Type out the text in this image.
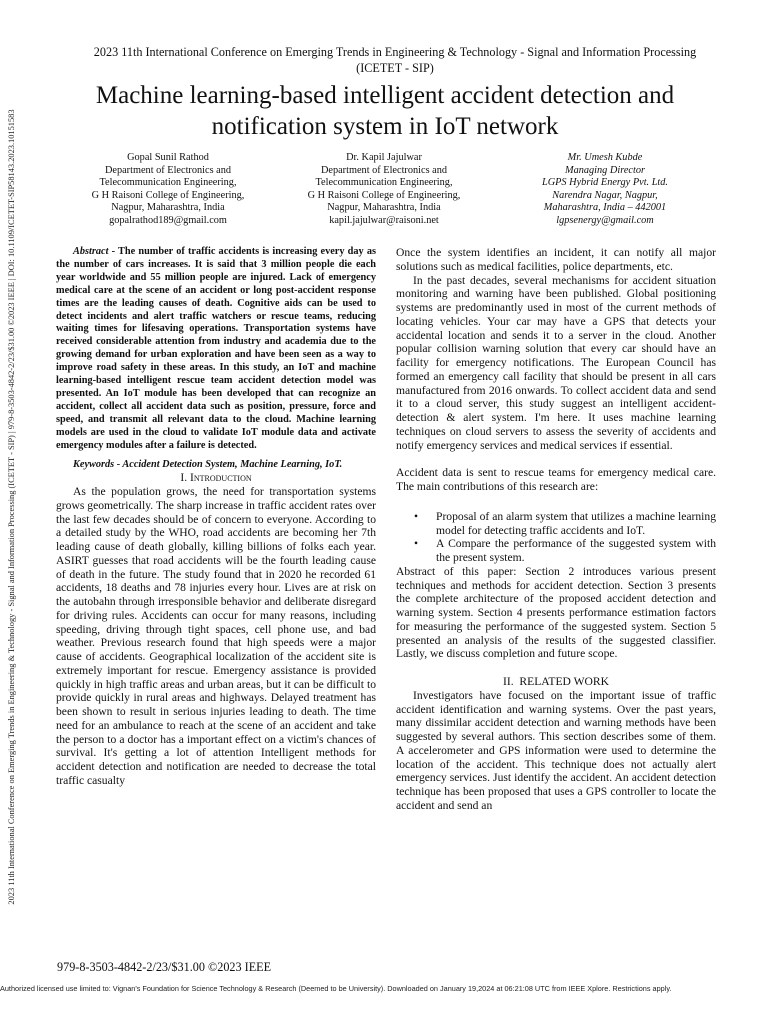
2023 11th International Conference on Emerging Trends in Engineering & Technology - Signal and Information Processing (ICETET - SIP) | 979-8-3503-4842-2/23/$31.00 ©2023 IEEE | DOI: 10.1109/ICETET-SIP58143.2023.10151583
2023 11th International Conference on Emerging Trends in Engineering & Technology - Signal and Information Processing
(ICETET - SIP)
Machine learning-based intelligent accident detection and
notification system in IoT network
Gopal Sunil Rathod
Department of Electronics and
Telecommunication Engineering,
G H Raisoni College of Engineering,
Nagpur, Maharashtra, India
gopalrathod189@gmail.com
Dr. Kapil Jajulwar
Department of Electronics and
Telecommunication Engineering,
G H Raisoni College of Engineering,
Nagpur, Maharashtra, India
kapil.jajulwar@raisoni.net
Mr. Umesh Kubde
Managing Director
LGPS Hybrid Energy Pvt. Ltd.
Narendra Nagar, Nagpur,
Maharashtra, India – 442001
lgpsenergy@gmail.com

Abstract - The number of traffic accidents is increasing every day as the number of cars increases. It is said that 3 million people die each year worldwide and 55 million people are injured. Lack of emergency medical care at the scene of an accident or long post-accident response times are the leading causes of death. Cognitive aids can be used to detect incidents and alert traffic watchers or rescue teams, reducing waiting times for lifesaving operations. Transportation systems have received considerable attention from industry and academia due to the growing demand for urban exploration and have been seen as a way to improve road safety in these areas. In this study, an IoT and machine learning-based intelligent rescue team accident detection model was presented. An IoT module has been developed that can recognize an accident, collect all accident data such as position, pressure, force and speed, and transmit all relevant data to the cloud. Machine learning models are used in the cloud to validate IoT module data and activate emergency modules after a failure is detected.

Keywords - Accident Detection System, Machine Learning, IoT.

I. Introduction

As the population grows, the need for transportation systems grows geometrically. The sharp increase in traffic accident rates over the last few decades should be of concern to everyone. According to a detailed study by the WHO, road accidents are becoming her 7th leading cause of death globally, killing billions of folks each year. ASIRT guesses that road accidents will be the fourth leading cause of death in the future. The study found that in 2020 he recorded 61 accidents, 18 deaths and 78 injuries every hour. Lives are at risk on the autobahn through irresponsible behavior and deliberate disregard for driving rules. Accidents can occur for many reasons, including speeding, driving through tight spaces, cell phone use, and bad weather. Previous research found that high speeds were a major cause of accidents. Geographical localization of the accident site is extremely important for rescue. Emergency assistance is provided quickly in high traffic areas and urban areas, but it can be difficult to provide quickly in rural areas and highways. Delayed treatment has been shown to result in serious injuries leading to death. The time need for an ambulance to reach at the scene of an accident and take the person to a doctor has a important effect on a victim's chances of survival. It's getting a lot of attention Intelligent methods for accident detection and notification are needed to decrease the total traffic casualty

Once the system identifies an incident, it can notify all major solutions such as medical facilities, police departments, etc.

In the past decades, several mechanisms for accident situation monitoring and warning have been published. Global positioning systems are predominantly used in most of the current methods of locating vehicles. Your car may have a GPS that detects your accidental location and sends it to a server in the cloud. Another popular collision warning solution that every car should have an facility for emergency notifications. The European Council has formed an emergency call facility that should be present in all cars manufactured from 2016 onwards. To collect accident data and send it to a cloud server, this study suggest an intelligent accident-detection & alert system. I'm here. It uses machine learning techniques on cloud servers to assess the severity of accidents and notify emergency services and medical services if essential.

Accident data is sent to rescue teams for emergency medical care. The main contributions of this research are:

• Proposal of an alarm system that utilizes a machine learning model for detecting traffic accidents and IoT.
• A Compare the performance of the suggested system with the present system.

Abstract of this paper: Section 2 introduces various present techniques and methods for accident detection. Section 3 presents the complete architecture of the proposed accident detection and warning system. Section 4 presents performance estimation factors for measuring the performance of the suggested system. Section 5 presented an analysis of the results of the suggested classifier. Lastly, we discuss completion and future scope.

II. RELATED WORK

Investigators have focused on the important issue of traffic accident identification and warning systems. Over the past years, many dissimilar accident detection and warning methods have been suggested by several authors. This section describes some of them. A accelerometer and GPS information were used to determine the location of the accident. This technique does not actually alert emergency services. Just identify the accident. An accident detection technique has been proposed that uses a GPS controller to locate the accident and send an

979-8-3503-4842-2/23/$31.00 ©2023 IEEE
Authorized licensed use limited to: Vignan's Foundation for Science Technology & Research (Deemed to be University). Downloaded on January 19,2024 at 06:21:08 UTC from IEEE Xplore. Restrictions apply.
